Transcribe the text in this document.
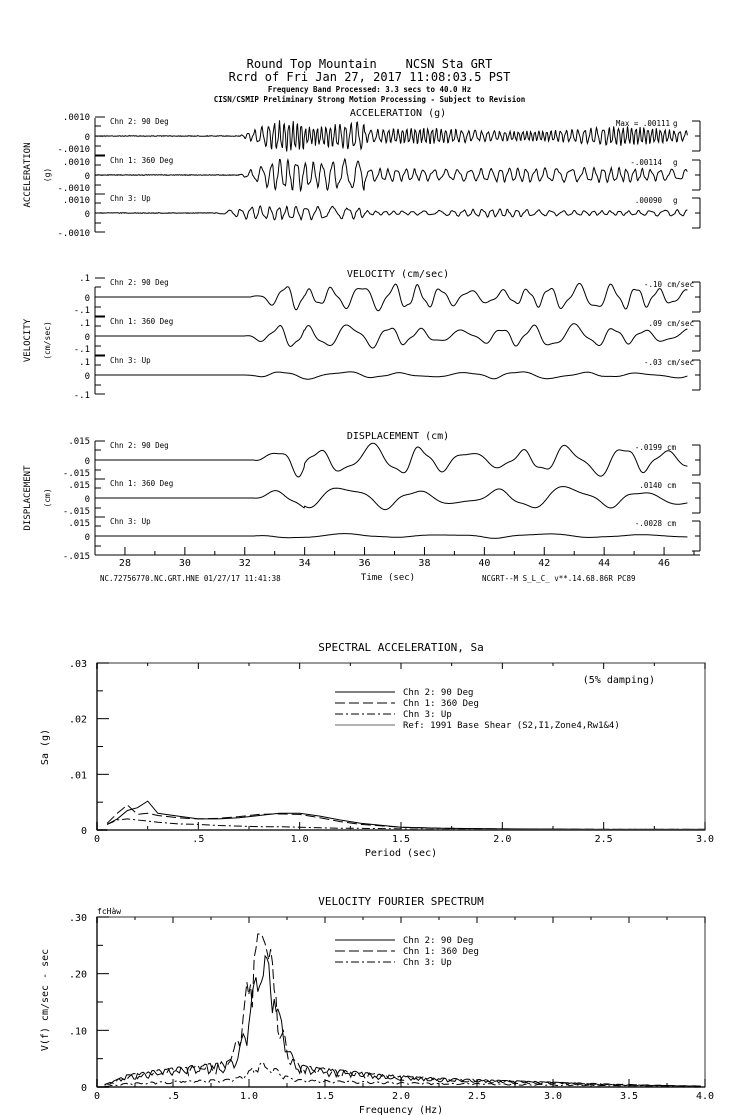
Round Top Mountain    NCSN Sta GRT
Rcrd of Fri Jan 27, 2017 11:08:03.5 PST
Frequency Band Processed: 3.3 secs to 40.0 Hz
CISN/CSMIP Preliminary Strong Motion Processing - Subject to Revision
ACCELERATION (g)
ACCELERATION (g)
.0010
0
-.0010
Chn 2: 90 Deg	Max = .00111 g
.0010
0
-.0010
Chn 1: 360 Deg	-.00114 g
.0010
0
-.0010
Chn 3: Up	.00090 g
VELOCITY (cm/sec)
VELOCITY (cm/sec)
.1
0
-.1
Chn 2: 90 Deg	-.10 cm/sec
.1
0
-.1
Chn 1: 360 Deg	.09 cm/sec
.1
0
-.1
Chn 3: Up	-.03 cm/sec
DISPLACEMENT (cm)
DISPLACEMENT (cm)
.015
0
-.015
Chn 2: 90 Deg	-.0199 cm
.015
0
-.015
Chn 1: 360 Deg	.0140 cm
.015
0
-.015
Chn 3: Up	-.0028 cm
28	30	32	34	36	38	40	42	44	46
NC.72756770.NC.GRT.HNE 01/27/17 11:41:38	Time (sec)	NCGRT--M S_L_C_ v**.14.68.86R PC89
SPECTRAL ACCELERATION, Sa
0	.5	1.0	1.5	2.0	2.5	3.0
0
.01
.02
.03
Period (sec)
Sa (g)
(5% damping)
Chn 2: 90 Deg
Chn 1: 360 Deg
Chn 3: Up
Ref: 1991 Base Shear (S2,I1,Zone4,Rw1&4)
VELOCITY FOURIER SPECTRUM
0	.5	1.0	1.5	2.0	2.5	3.0	3.5	4.0
0
.10
.20
.30
Frequency (Hz)
V(f) cm/sec - sec
fcHàw
Chn 2: 90 Deg
Chn 1: 360 Deg
Chn 3: Up
